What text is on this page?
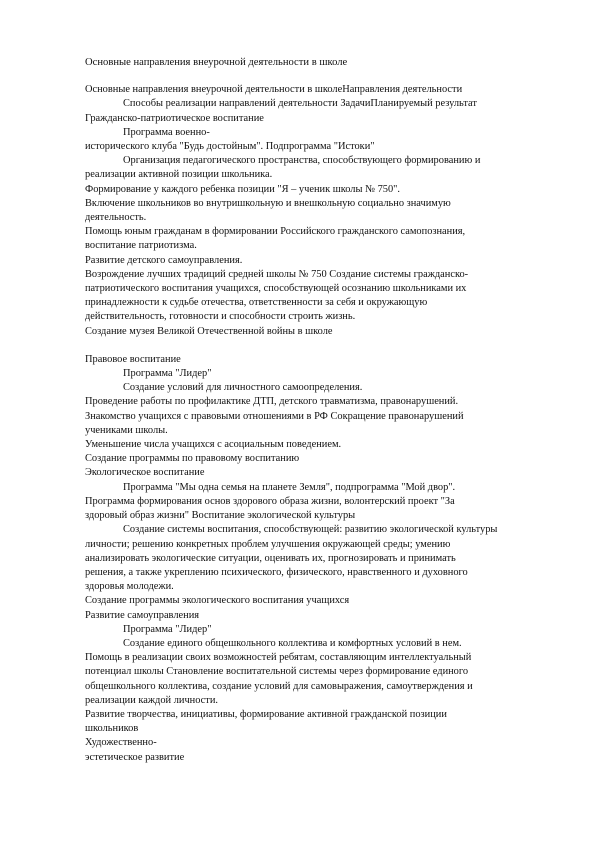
Основные направления внеурочной деятельности в школе

Основные направления внеурочной деятельности в школеНаправления деятельности

Способы реализации направлений деятельности ЗадачиПланируемый результат

Гражданско-патриотическое воспитание

Программа военно-

исторического клуба "Будь достойным". Подпрограмма "Истоки"

Организация педагогического пространства, способствующего формированию и

реализации активной позиции школьника.

Формирование у каждого ребенка позиции "Я – ученик школы № 750".

Включение школьников во внутришкольную и внешкольную социально значимую

деятельность.

Помощь юным гражданам в формировании Российского гражданского самопознания,

воспитание патриотизма.

Развитие детского самоуправления.

Возрождение лучших традиций средней школы № 750 Создание системы гражданско-

патриотического воспитания учащихся, способствующей осознанию школьниками их

принадлежности к судьбе отечества, ответственности за себя и окружающую

действительность, готовности и способности строить жизнь.

Создание музея Великой Отечественной войны в школе

Правовое воспитание

Программа "Лидер"

Создание условий для личностного самоопределения.

Проведение работы по профилактике ДТП, детского травматизма, правонарушений.

Знакомство учащихся с правовыми отношениями в РФ Сокращение правонарушений

учениками школы.

Уменьшение числа учащихся с асоциальным поведением.

Создание программы по правовому воспитанию

Экологическое воспитание

Программа "Мы одна семья на планете Земля", подпрограмма "Мой двор".

Программа формирования основ здорового образа жизни, волонтерский проект "За

здоровый образ жизни" Воспитание экологической культуры

Создание системы воспитания, способствующей: развитию экологической культуры

личности; решению конкретных проблем улучшения окружающей среды; умению

анализировать экологические ситуации, оценивать их, прогнозировать и принимать

решения, а также укреплению психического, физического, нравственного и духовного

здоровья молодежи.

Создание программы экологического воспитания учащихся

Развитие самоуправления

Программа "Лидер"

Создание единого общешкольного коллектива и комфортных условий в нем.

Помощь в реализации своих возможностей ребятам, составляющим интеллектуальный

потенциал школы Становление воспитательной системы через формирование единого

общешкольного коллектива, создание условий для самовыражения, самоутверждения и

реализации каждой личности.

Развитие творчества, инициативы, формирование активной гражданской позиции

школьников

Художественно-

эстетическое развитие
